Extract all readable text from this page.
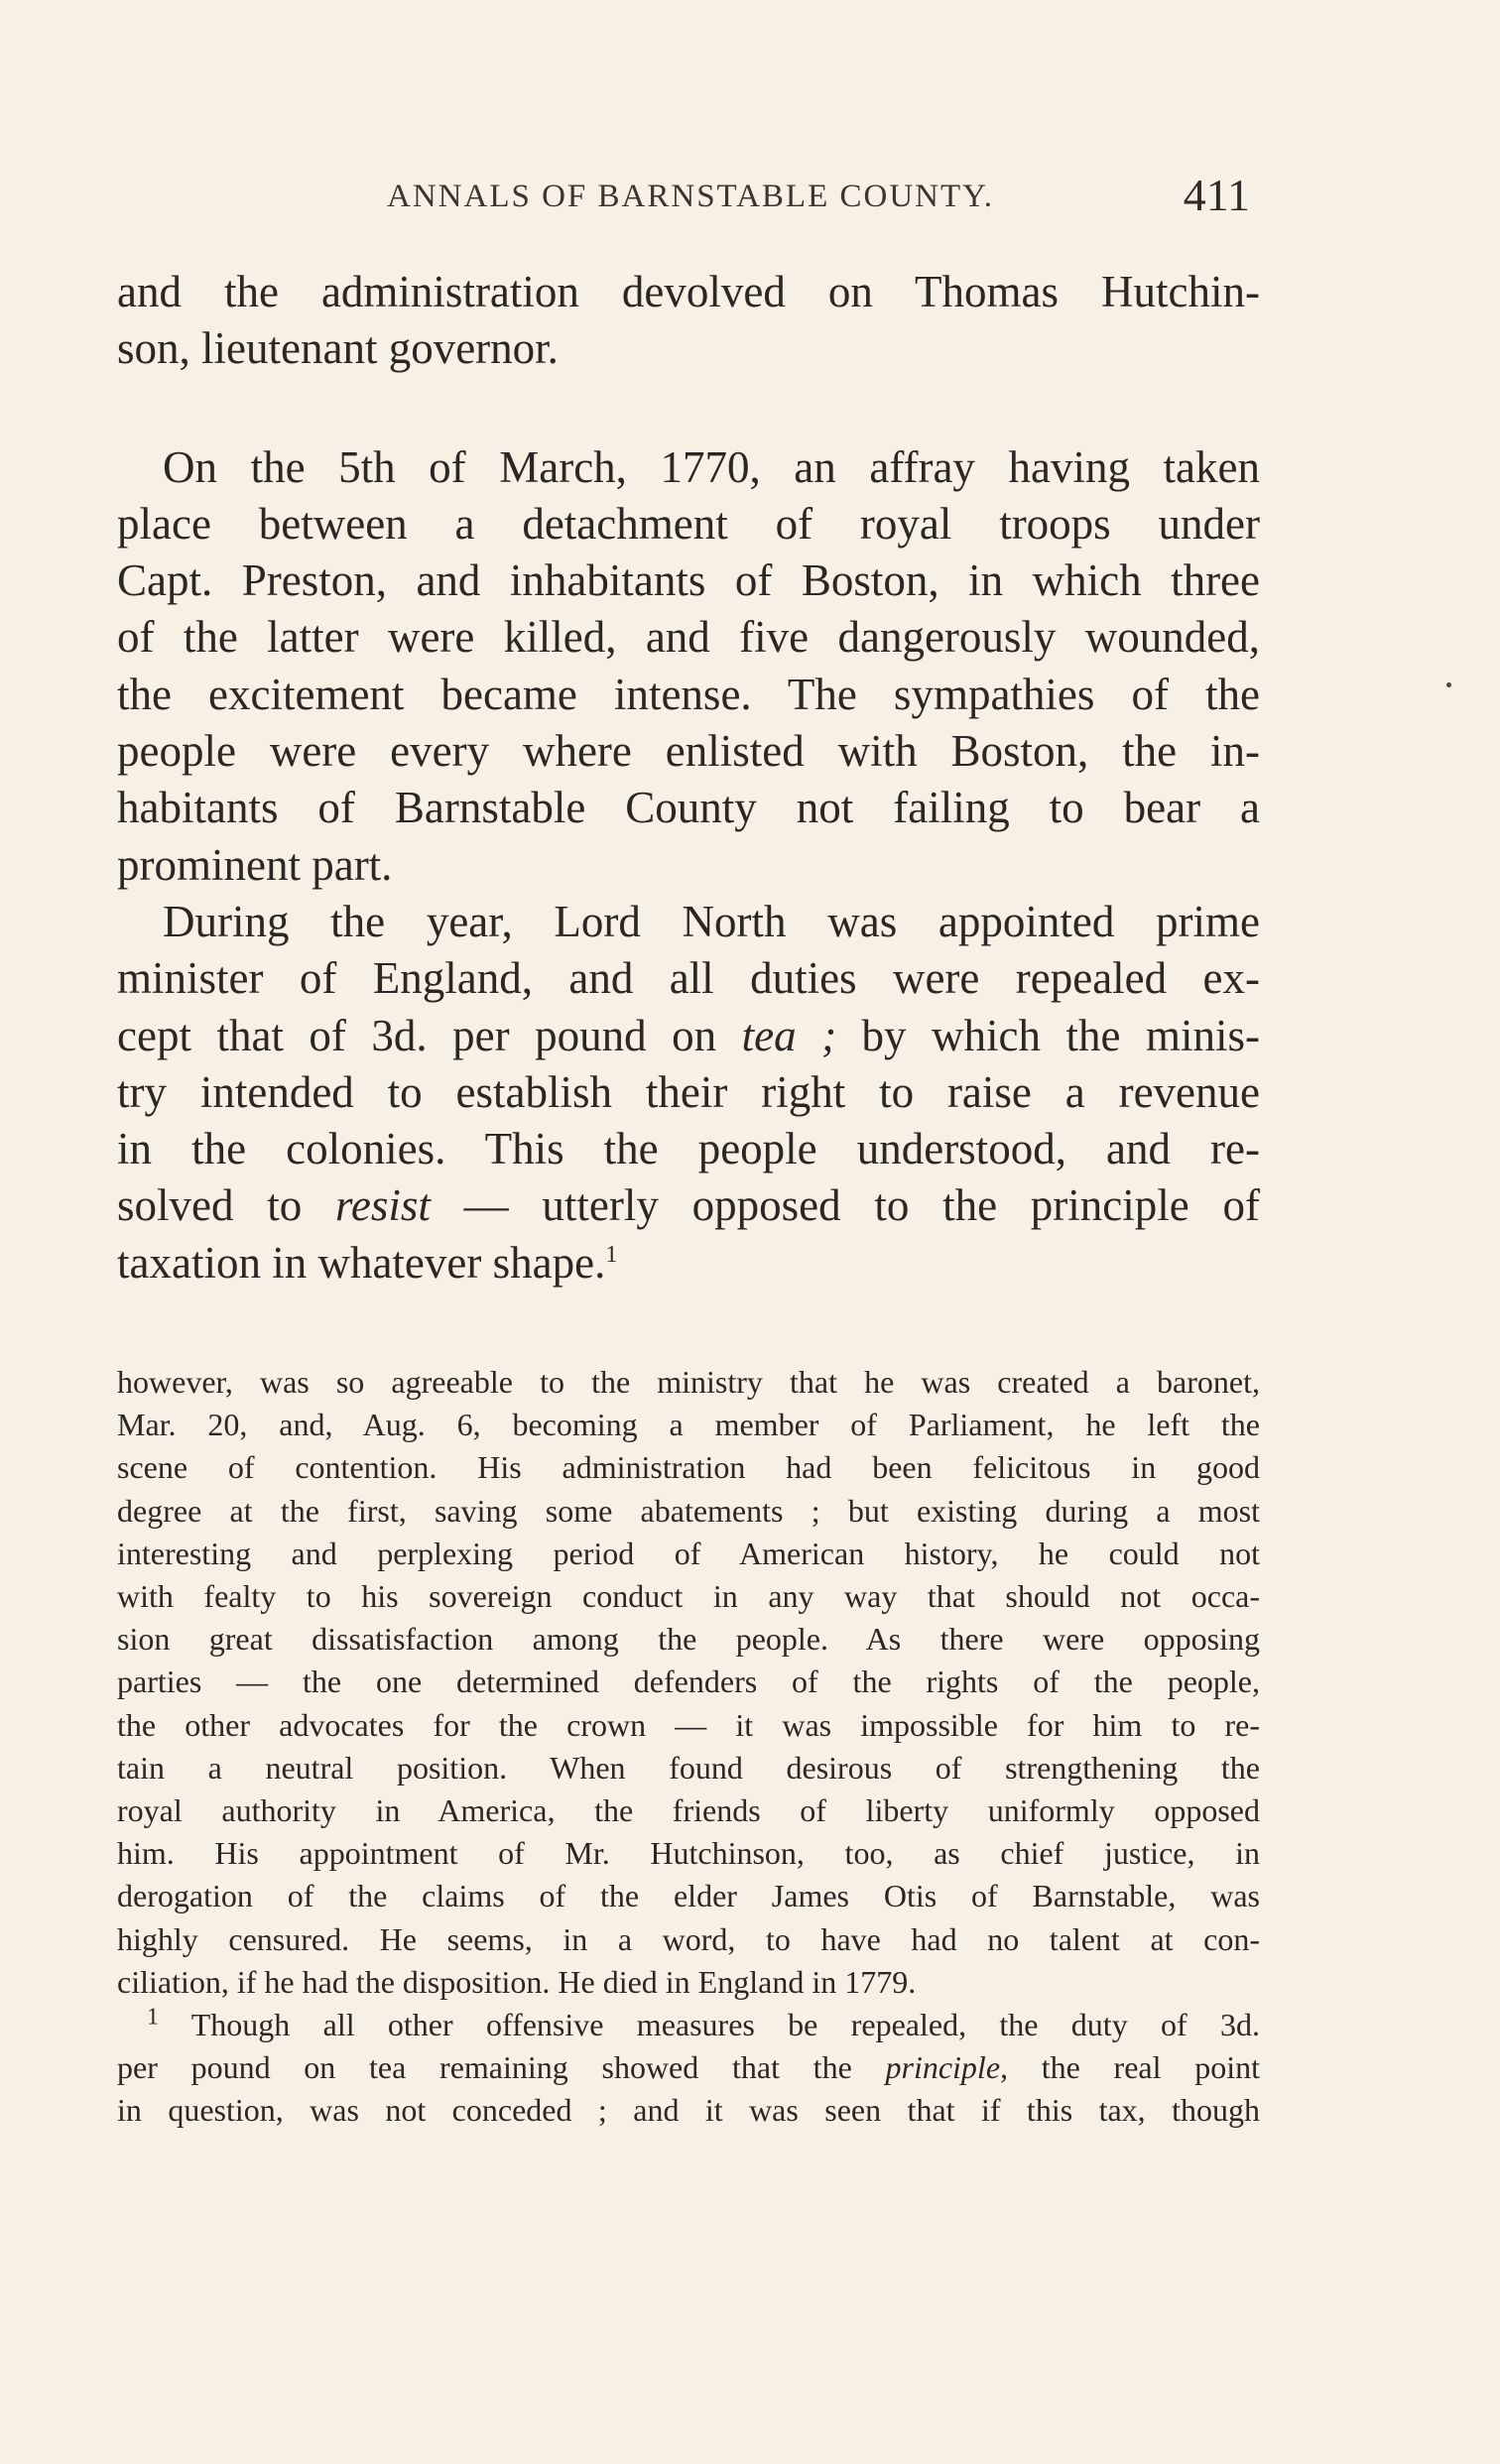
ANNALS OF BARNSTABLE COUNTY.	411
and the administration devolved on Thomas Hutchin-
son, lieutenant governor.
On the 5th of March, 1770, an affray having taken
place between a detachment of royal troops under
Capt. Preston, and inhabitants of Boston, in which three
of the latter were killed, and five dangerously wounded,
the excitement became intense. The sympathies of the
people were every where enlisted with Boston, the in-
habitants of Barnstable County not failing to bear a
prominent part.
During the year, Lord North was appointed prime
minister of England, and all duties were repealed ex-
cept that of 3d. per pound on tea ; by which the minis-
try intended to establish their right to raise a revenue
in the colonies. This the people understood, and re-
solved to resist — utterly opposed to the principle of
taxation in whatever shape.$^1$
however, was so agreeable to the ministry that he was created a baronet,
Mar. 20, and, Aug. 6, becoming a member of Parliament, he left the
scene of contention. His administration had been felicitous in good
degree at the first, saving some abatements ; but existing during a most
interesting and perplexing period of American history, he could not
with fealty to his sovereign conduct in any way that should not occa-
sion great dissatisfaction among the people. As there were opposing
parties — the one determined defenders of the rights of the people,
the other advocates for the crown — it was impossible for him to re-
tain a neutral position. When found desirous of strengthening the
royal authority in America, the friends of liberty uniformly opposed
him. His appointment of Mr. Hutchinson, too, as chief justice, in
derogation of the claims of the elder James Otis of Barnstable, was
highly censured. He seems, in a word, to have had no talent at con-
ciliation, if he had the disposition. He died in England in 1779.
$^1$ Though all other offensive measures be repealed, the duty of 3d.
per pound on tea remaining showed that the principle, the real point
in question, was not conceded ; and it was seen that if this tax, though
